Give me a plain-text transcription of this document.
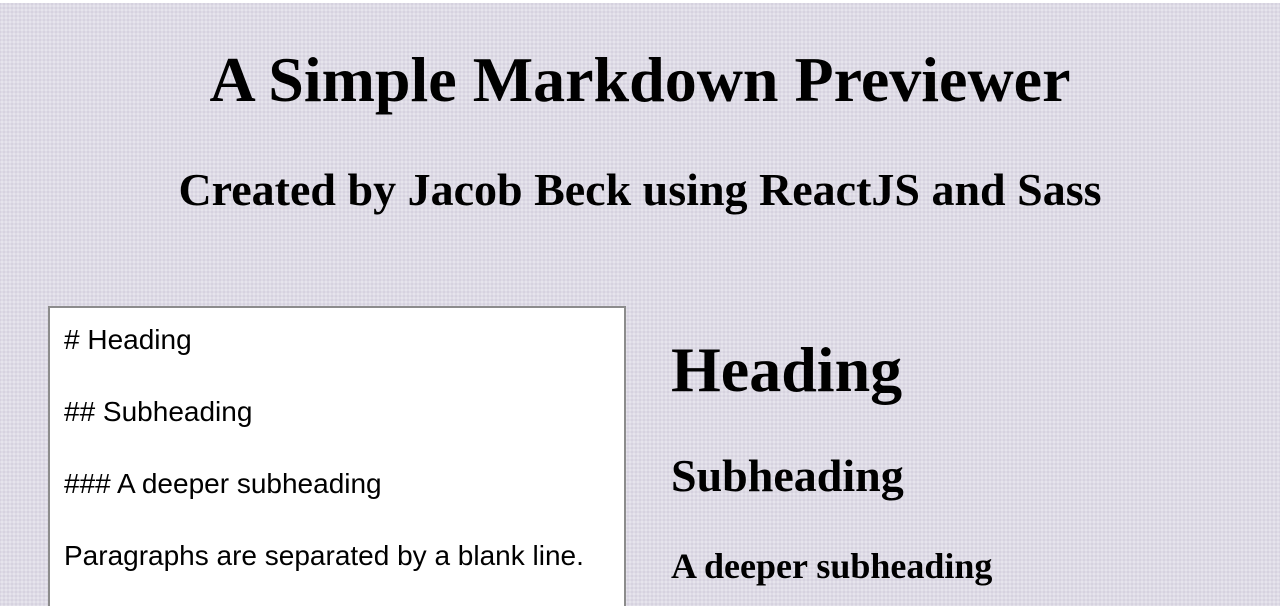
A Simple Markdown Previewer
Created by Jacob Beck using ReactJS and Sass
# Heading ## Subheading ### A deeper subheading Paragraphs are separated by a blank line.
Heading
Subheading
A deeper subheading
